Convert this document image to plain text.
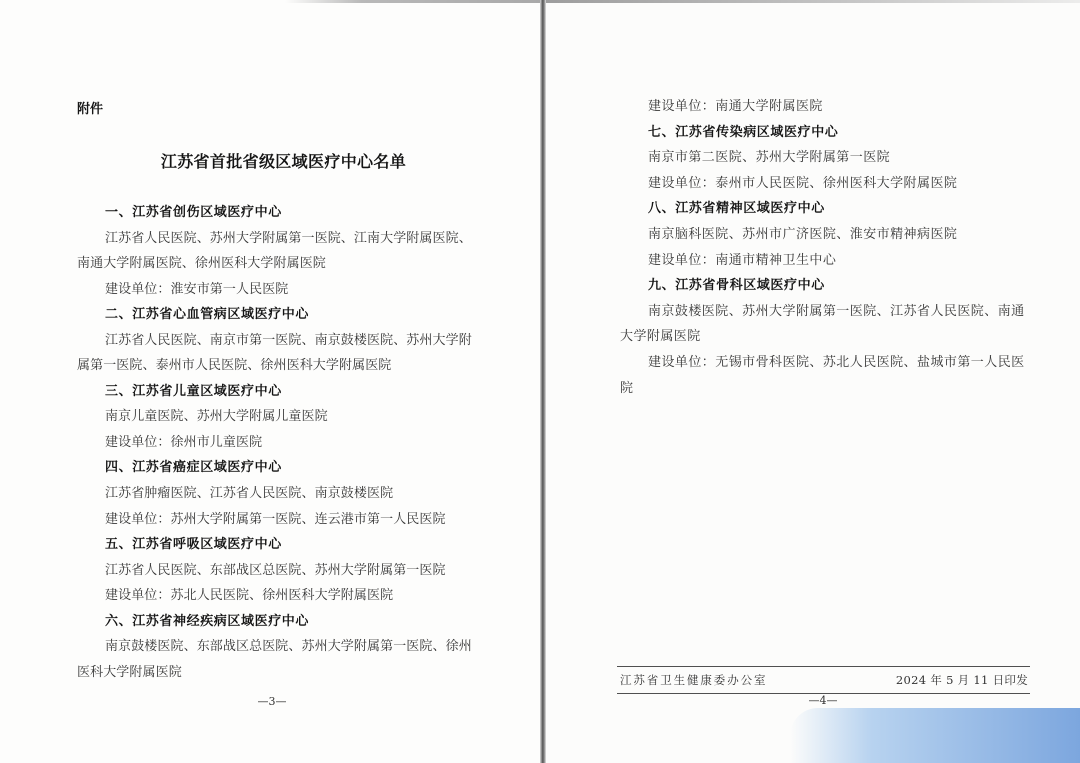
附件
江苏省首批省级区域医疗中心名单
一、江苏省创伤区域医疗中心
江苏省人民医院、苏州大学附属第一医院、江南大学附属医院、
南通大学附属医院、徐州医科大学附属医院
建设单位：淮安市第一人民医院
二、江苏省心血管病区域医疗中心
江苏省人民医院、南京市第一医院、南京鼓楼医院、苏州大学附
属第一医院、泰州市人民医院、徐州医科大学附属医院
三、江苏省儿童区域医疗中心
南京儿童医院、苏州大学附属儿童医院
建设单位：徐州市儿童医院
四、江苏省癌症区域医疗中心
江苏省肿瘤医院、江苏省人民医院、南京鼓楼医院
建设单位：苏州大学附属第一医院、连云港市第一人民医院
五、江苏省呼吸区域医疗中心
江苏省人民医院、东部战区总医院、苏州大学附属第一医院
建设单位：苏北人民医院、徐州医科大学附属医院
六、江苏省神经疾病区域医疗中心
南京鼓楼医院、东部战区总医院、苏州大学附属第一医院、徐州
医科大学附属医院
—3—
建设单位：南通大学附属医院
七、江苏省传染病区域医疗中心
南京市第二医院、苏州大学附属第一医院
建设单位：泰州市人民医院、徐州医科大学附属医院
八、江苏省精神区域医疗中心
南京脑科医院、苏州市广济医院、淮安市精神病医院
建设单位：南通市精神卫生中心
九、江苏省骨科区域医疗中心
南京鼓楼医院、苏州大学附属第一医院、江苏省人民医院、南通
大学附属医院
建设单位：无锡市骨科医院、苏北人民医院、盐城市第一人民医
院
江苏省卫生健康委办公室	2024 年 5 月 11 日印发
—4—
